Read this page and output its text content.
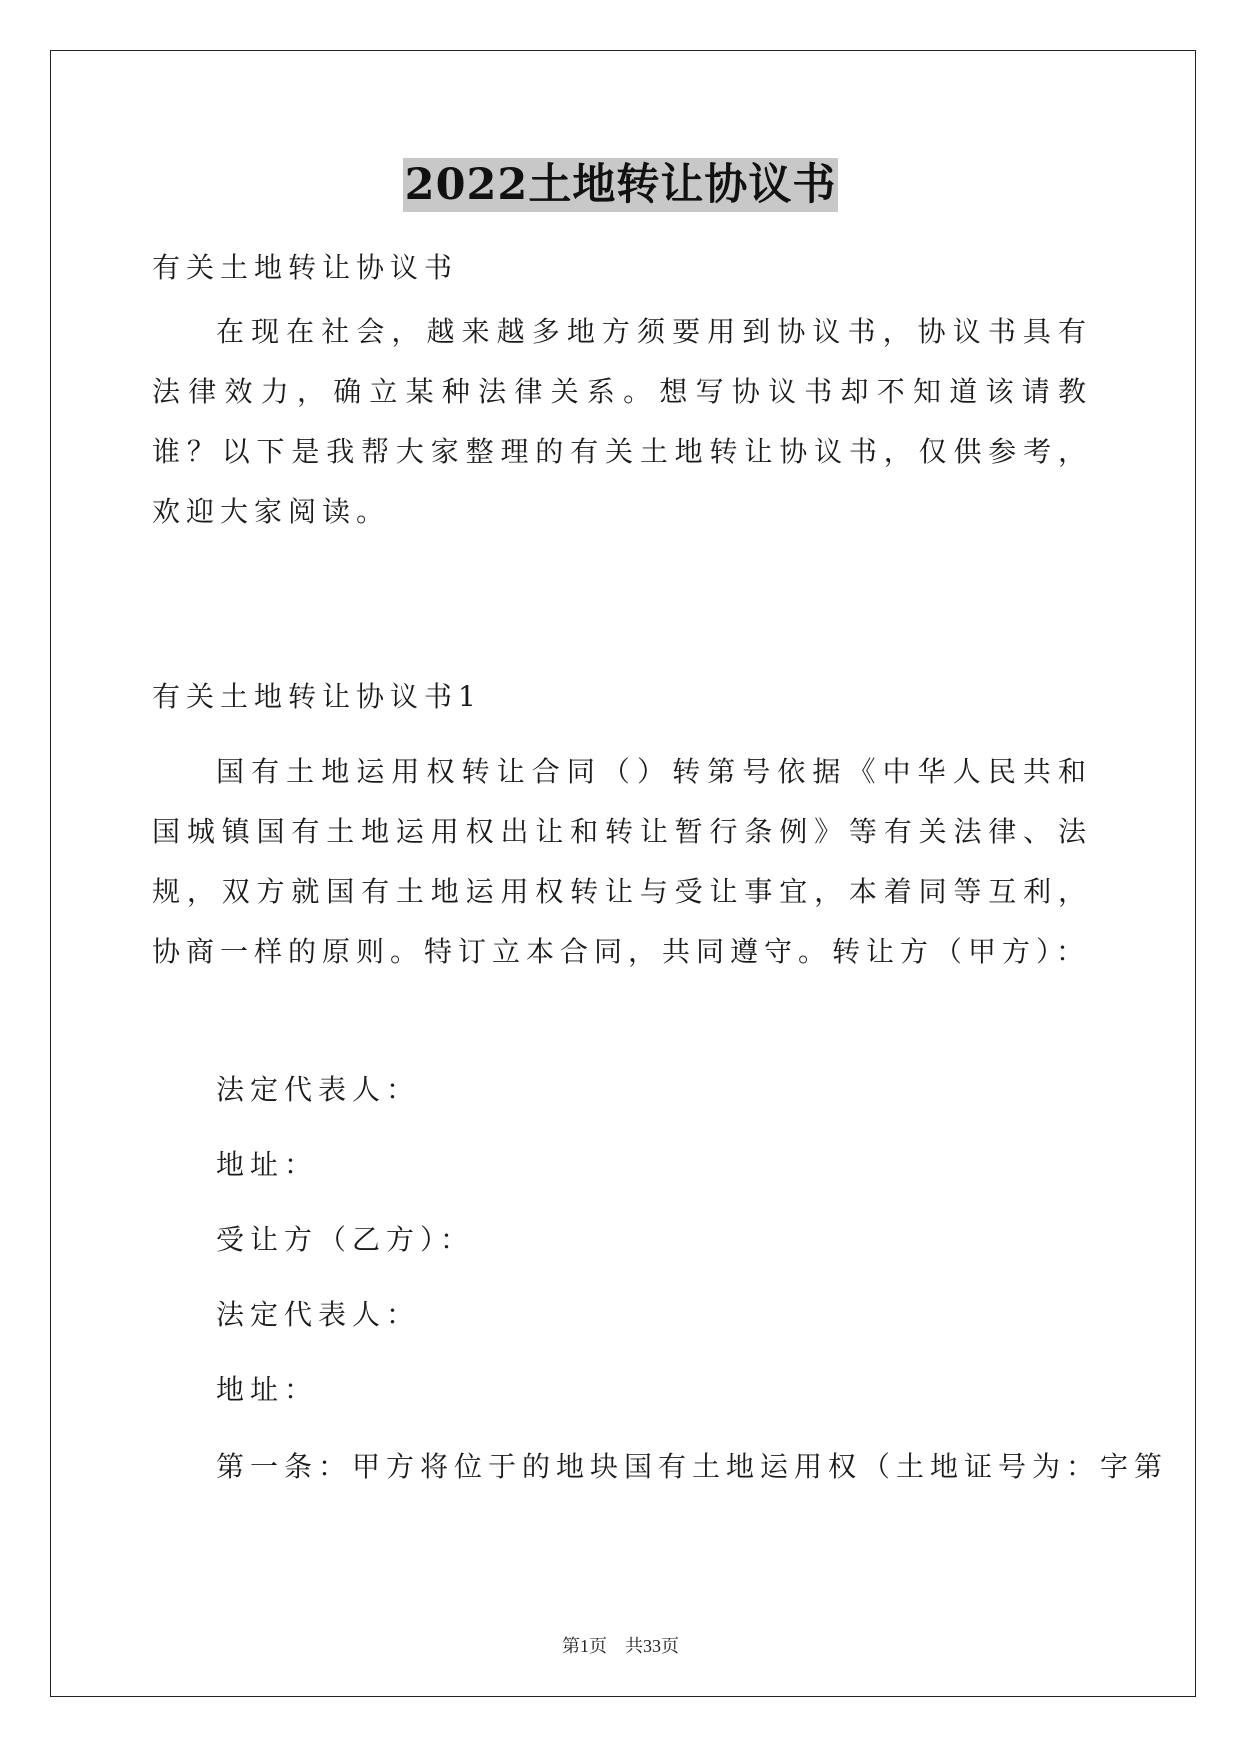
2022土地转让协议书

有关土地转让协议书

在现在社会，越来越多地方须要用到协议书，协议书具有法律效力，确立某种法律关系。想写协议书却不知道该请教谁？以下是我帮大家整理的有关土地转让协议书，仅供参考，欢迎大家阅读。

有关土地转让协议书1

国有土地运用权转让合同（）转第号依据《中华人民共和国城镇国有土地运用权出让和转让暂行条例》等有关法律、法规，双方就国有土地运用权转让与受让事宜，本着同等互利，协商一样的原则。特订立本合同，共同遵守。转让方（甲方）：

法定代表人：

地址：

受让方（乙方）：

法定代表人：

地址：

第一条：甲方将位于的地块国有土地运用权（土地证号为：字第

第1页　共33页
